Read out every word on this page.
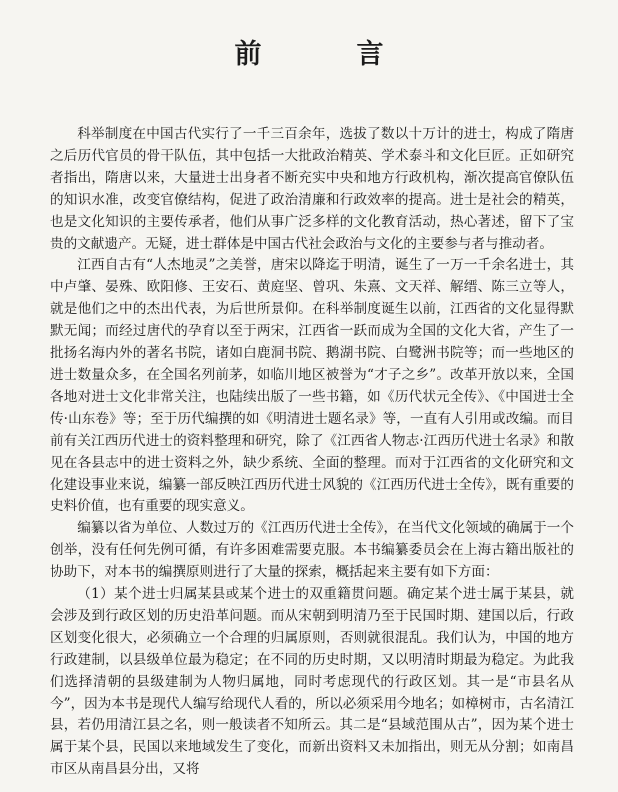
前　言

科举制度在中国古代实行了一千三百余年，选拔了数以十万计的进士，构成了隋唐之后历代官员的骨干队伍，其中包括一大批政治精英、学术泰斗和文化巨匠。正如研究者指出，隋唐以来，大量进士出身者不断充实中央和地方行政机构，渐次提高官僚队伍的知识水准，改变官僚结构，促进了政治清廉和行政效率的提高。进士是社会的精英，也是文化知识的主要传承者，他们从事广泛多样的文化教育活动，热心著述，留下了宝贵的文献遗产。无疑，进士群体是中国古代社会政治与文化的主要参与者与推动者。

江西自古有“人杰地灵”之美誉，唐宋以降迄于明清，诞生了一万一千余名进士，其中卢肇、晏殊、欧阳修、王安石、黄庭坚、曾巩、朱熹、文天祥、解缙、陈三立等人，就是他们之中的杰出代表，为后世所景仰。在科举制度诞生以前，江西省的文化显得默默无闻；而经过唐代的孕育以至于两宋，江西省一跃而成为全国的文化大省，产生了一批扬名海内外的著名书院，诸如白鹿洞书院、鹅湖书院、白鹭洲书院等；而一些地区的进士数量众多，在全国名列前茅，如临川地区被誉为“才子之乡”。改革开放以来，全国各地对进士文化非常关注，也陆续出版了一些书籍，如《历代状元全传》、《中国进士全传·山东卷》等；至于历代编撰的如《明清进士题名录》等，一直有人引用或改编。而目前有关江西历代进士的资料整理和研究，除了《江西省人物志·江西历代进士名录》和散见在各县志中的进士资料之外，缺少系统、全面的整理。而对于江西省的文化研究和文化建设事业来说，编纂一部反映江西历代进士风貌的《江西历代进士全传》，既有重要的史料价值，也有重要的现实意义。

编纂以省为单位、人数过万的《江西历代进士全传》，在当代文化领域的确属于一个创举，没有任何先例可循，有许多困难需要克服。本书编纂委员会在上海古籍出版社的协助下，对本书的编撰原则进行了大量的探索，概括起来主要有如下方面：

（1）某个进士归属某县或某个进士的双重籍贯问题。确定某个进士属于某县，就会涉及到行政区划的历史沿革问题。而从宋朝到明清乃至于民国时期、建国以后，行政区划变化很大，必须确立一个合理的归属原则，否则就很混乱。我们认为，中国的地方行政建制，以县级单位最为稳定；在不同的历史时期，又以明清时期最为稳定。为此我们选择清朝的县级建制为人物归属地，同时考虑现代的行政区划。其一是“市县名从今”，因为本书是现代人编写给现代人看的，所以必须采用今地名；如樟树市，古名清江县，若仍用清江县之名，则一般读者不知所云。其二是“县域范围从古”，因为某个进士属于某个县，民国以来地域发生了变化，而新出资料又未加指出，则无从分割；如南昌市区从南昌县分出，又将
